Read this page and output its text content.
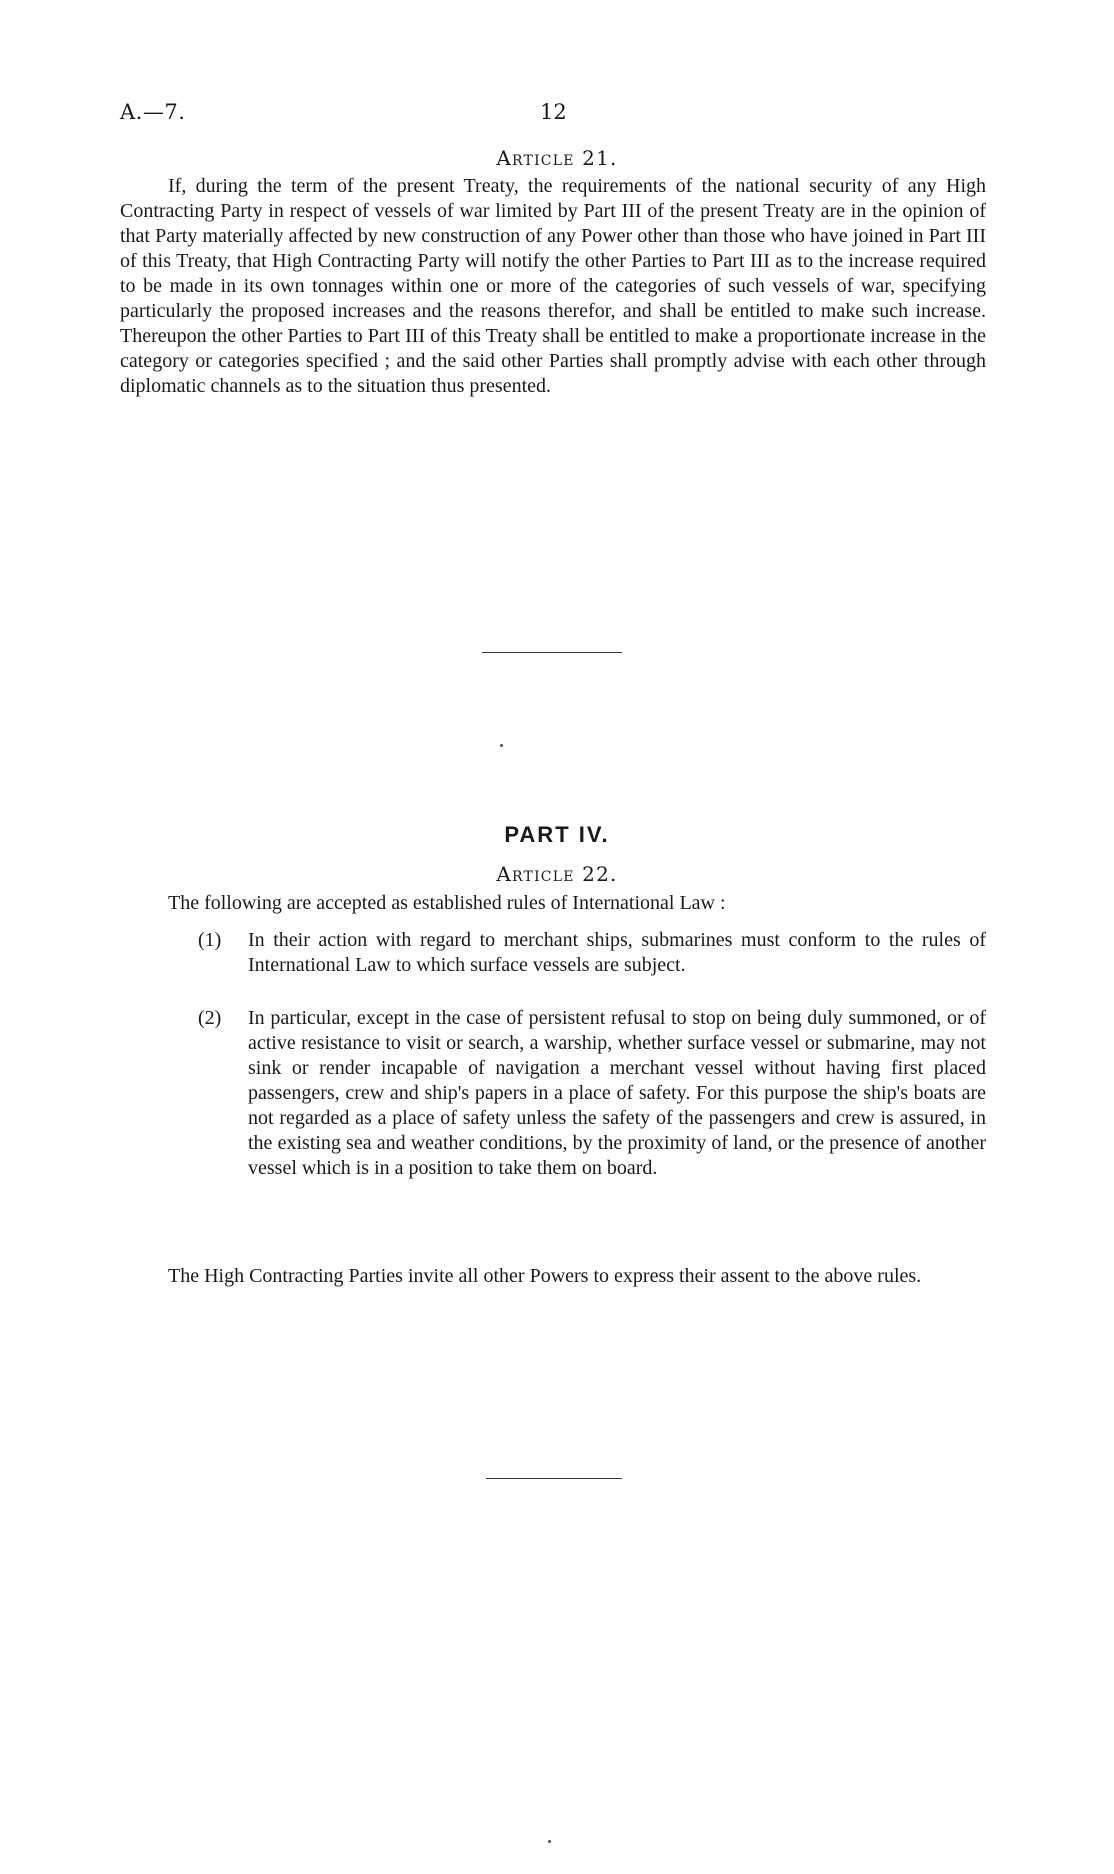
A.—7.	12
Article 21.
If, during the term of the present Treaty, the requirements of the national security of any High Contracting Party in respect of vessels of war limited by Part III of the present Treaty are in the opinion of that Party materially affected by new construction of any Power other than those who have joined in Part III of this Treaty, that High Contracting Party will notify the other Parties to Part III as to the increase required to be made in its own tonnages within one or more of the categories of such vessels of war, specifying particularly the proposed increases and the reasons therefor, and shall be entitled to make such increase. Thereupon the other Parties to Part III of this Treaty shall be entitled to make a proportionate increase in the category or categories specified ; and the said other Parties shall promptly advise with each other through diplomatic channels as to the situation thus presented.
PART IV.
Article 22.
The following are accepted as established rules of International Law :
(1)	In their action with regard to merchant ships, submarines must conform to the rules of International Law to which surface vessels are subject.
(2)	In particular, except in the case of persistent refusal to stop on being duly summoned, or of active resistance to visit or search, a warship, whether surface vessel or submarine, may not sink or render incapable of navigation a merchant vessel without having first placed passengers, crew and ship's papers in a place of safety. For this purpose the ship's boats are not regarded as a place of safety unless the safety of the passengers and crew is assured, in the existing sea and weather conditions, by the proximity of land, or the presence of another vessel which is in a position to take them on board.
The High Contracting Parties invite all other Powers to express their assent to the above rules.
